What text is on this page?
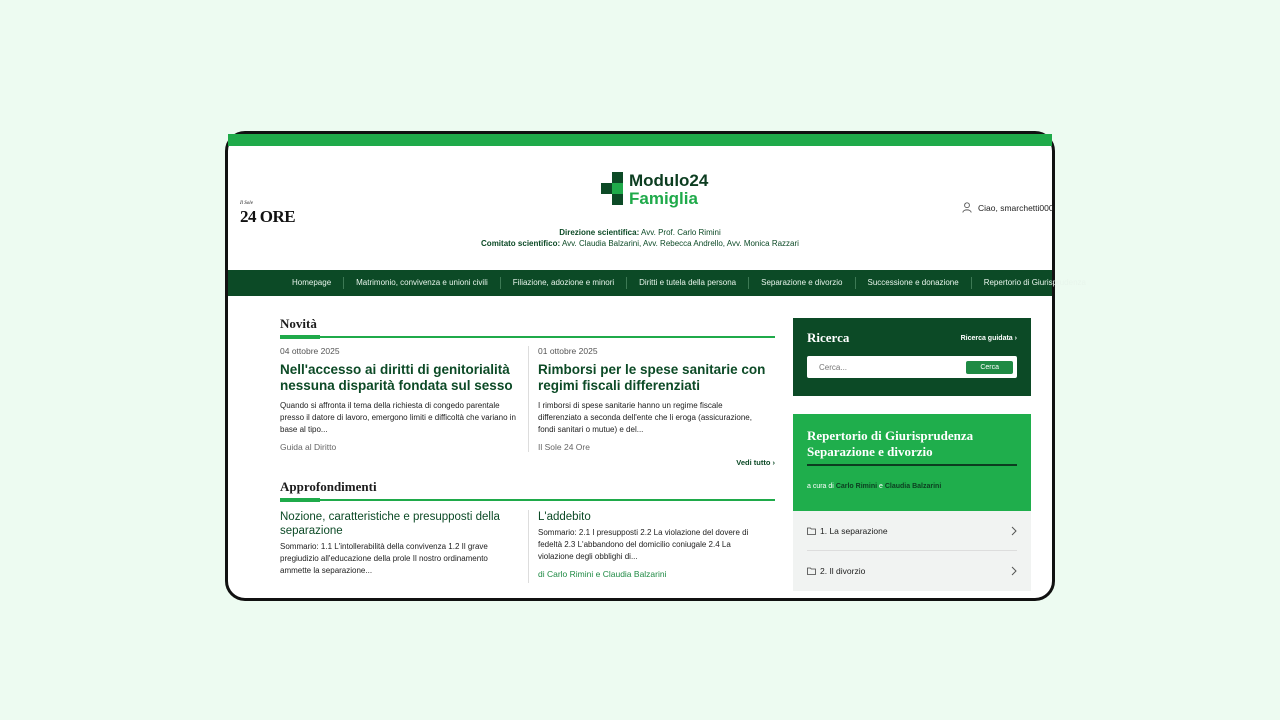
Il Sole
24 ORE
Modulo24
Famiglia
Direzione scientifica: Avv. Prof. Carlo Rimini
Comitato scientifico: Avv. Claudia Balzarini, Avv. Rebecca Andrello, Avv. Monica Razzari
Ciao, smarchetti000
Homepage	Matrimonio, convivenza e unioni civili	Filiazione, adozione e minori	Diritti e tutela della persona	Separazione e divorzio	Successione e donazione	Repertorio di Giurisprudenza
Novità
04 ottobre 2025
Nell'accesso ai diritti di genitorialità nessuna disparità fondata sul sesso
Quando si affronta il tema della richiesta di congedo parentale presso il datore di lavoro, emergono limiti e difficoltà che variano in base al tipo...
Guida al Diritto
01 ottobre 2025
Rimborsi per le spese sanitarie con regimi fiscali differenziati
I rimborsi di spese sanitarie hanno un regime fiscale differenziato a seconda dell'ente che li eroga (assicurazione, fondi sanitari o mutue) e del...
Il Sole 24 Ore
Vedi tutto ›
Approfondimenti
Nozione, caratteristiche e presupposti della separazione
Sommario: 1.1 L'intollerabilità della convivenza 1.2 Il grave pregiudizio all'educazione della prole Il nostro ordinamento ammette la separazione...
L'addebito
Sommario: 2.1 I presupposti 2.2 La violazione del dovere di fedeltà 2.3 L'abbandono del domicilio coniugale 2.4 La violazione degli obblighi di...
di Carlo Rimini e Claudia Balzarini
Ricerca	Ricerca guidata ›
Cerca...
Cerca
Repertorio di Giurisprudenza Separazione e divorzio
a cura di Carlo Rimini e Claudia Balzarini
1. La separazione
2. Il divorzio
